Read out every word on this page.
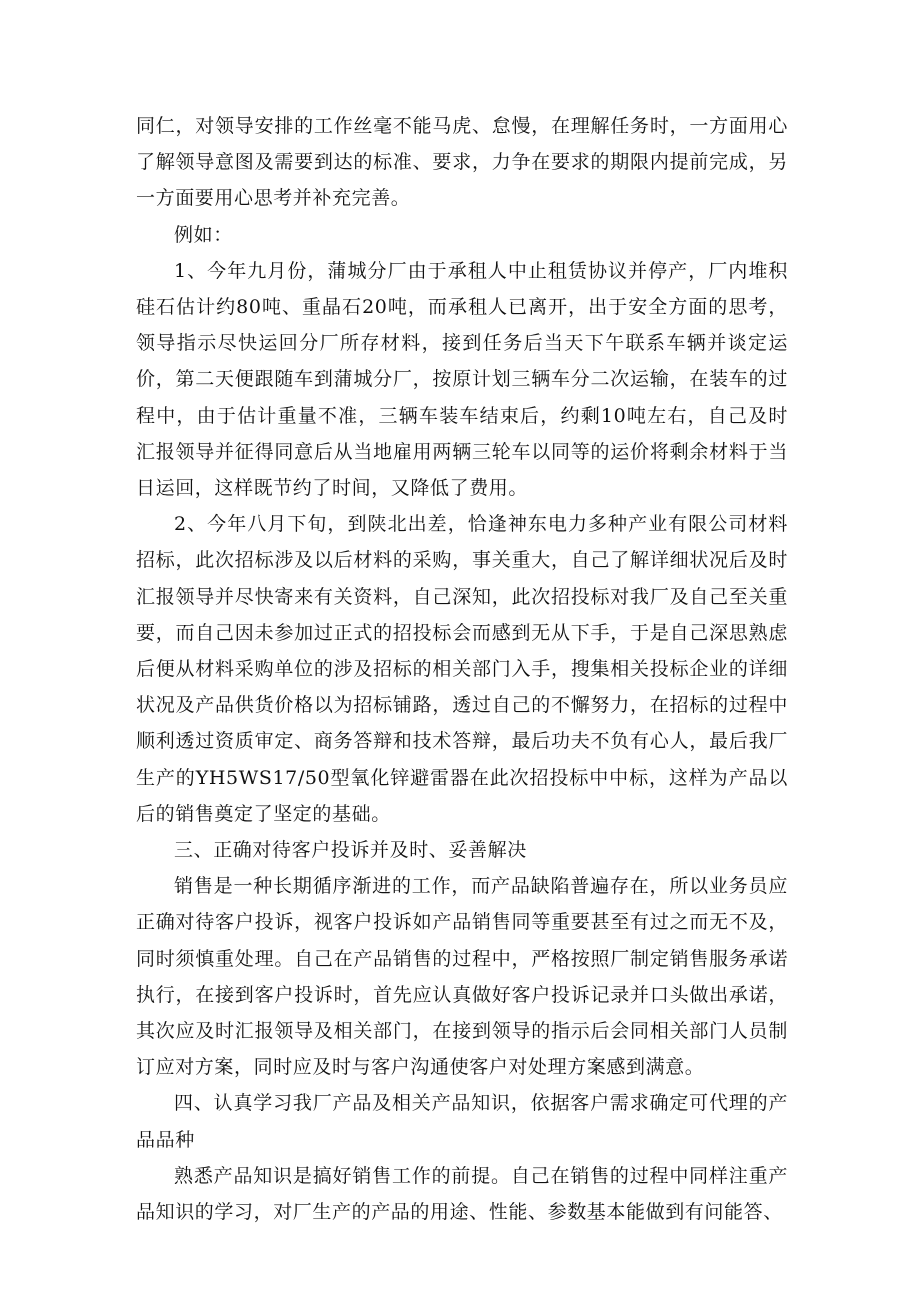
同仁，对领导安排的工作丝毫不能马虎、怠慢，在理解任务时，一方面用心了解领导意图及需要到达的标准、要求，力争在要求的期限内提前完成，另一方面要用心思考并补充完善。

例如：

1、今年九月份，蒲城分厂由于承租人中止租赁协议并停产，厂内堆积硅石估计约80吨、重晶石20吨，而承租人已离开，出于安全方面的思考，领导指示尽快运回分厂所存材料，接到任务后当天下午联系车辆并谈定运价，第二天便跟随车到蒲城分厂，按原计划三辆车分二次运输，在装车的过程中，由于估计重量不准，三辆车装车结束后，约剩10吨左右，自己及时汇报领导并征得同意后从当地雇用两辆三轮车以同等的运价将剩余材料于当日运回，这样既节约了时间，又降低了费用。

2、今年八月下旬，到陕北出差，恰逢神东电力多种产业有限公司材料招标，此次招标涉及以后材料的采购，事关重大，自己了解详细状况后及时汇报领导并尽快寄来有关资料，自己深知，此次招投标对我厂及自己至关重要，而自己因未参加过正式的招投标会而感到无从下手，于是自己深思熟虑后便从材料采购单位的涉及招标的相关部门入手，搜集相关投标企业的详细状况及产品供货价格以为招标铺路，透过自己的不懈努力，在招标的过程中顺利透过资质审定、商务答辩和技术答辩，最后功夫不负有心人，最后我厂生产的YH5WS17/50型氧化锌避雷器在此次招投标中中标，这样为产品以后的销售奠定了坚定的基础。

三、正确对待客户投诉并及时、妥善解决

销售是一种长期循序渐进的工作，而产品缺陷普遍存在，所以业务员应正确对待客户投诉，视客户投诉如产品销售同等重要甚至有过之而无不及，同时须慎重处理。自己在产品销售的过程中，严格按照厂制定销售服务承诺执行，在接到客户投诉时，首先应认真做好客户投诉记录并口头做出承诺，其次应及时汇报领导及相关部门，在接到领导的指示后会同相关部门人员制订应对方案，同时应及时与客户沟通使客户对处理方案感到满意。

四、认真学习我厂产品及相关产品知识，依据客户需求确定可代理的产品品种

熟悉产品知识是搞好销售工作的前提。自己在销售的过程中同样注重产品知识的学习，对厂生产的产品的用途、性能、参数基本能做到有问能答、
